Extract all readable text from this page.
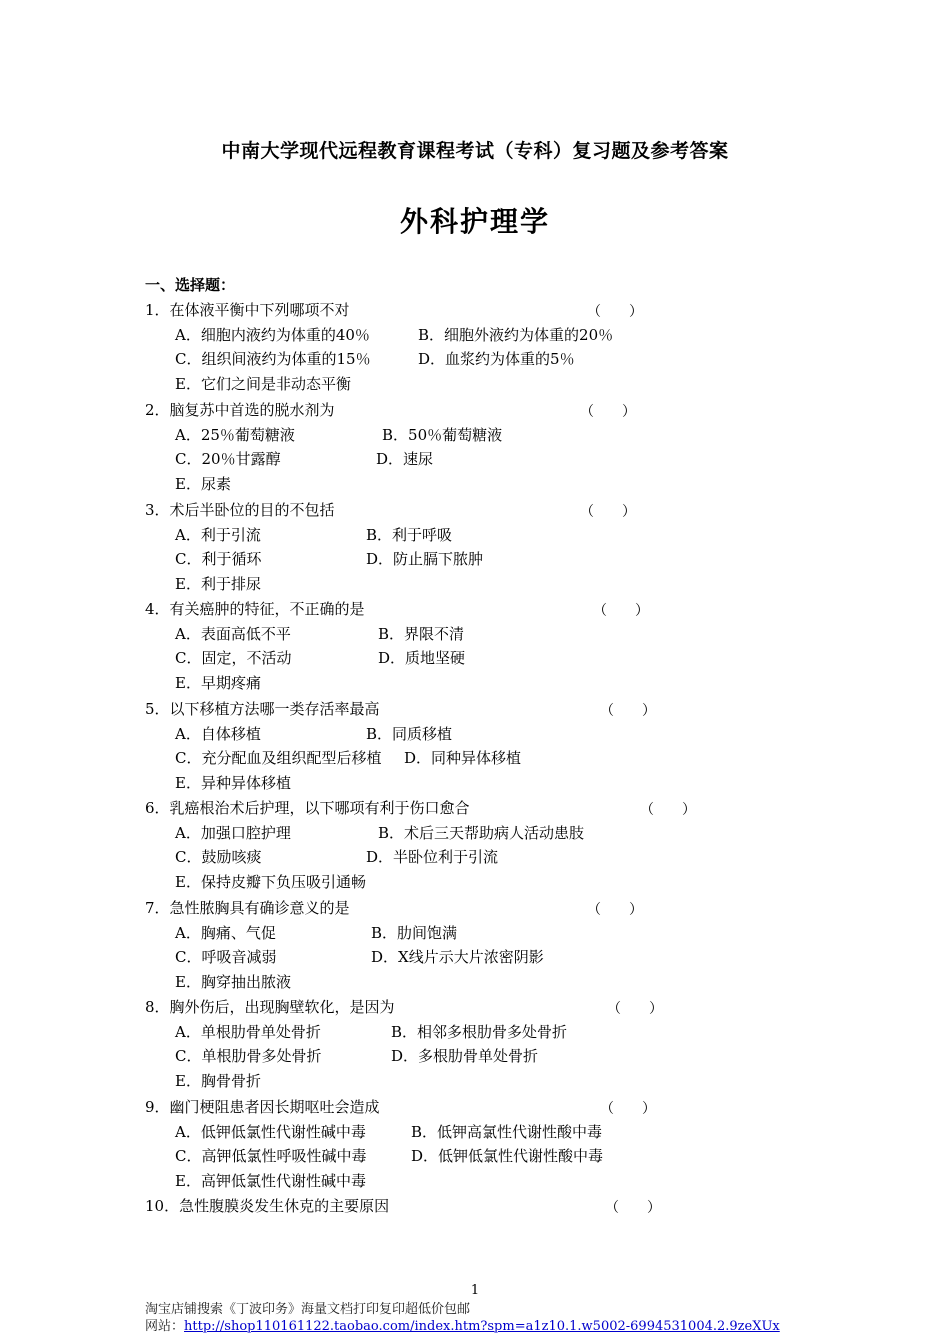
中南大学现代远程教育课程考试（专科）复习题及参考答案
外科护理学
一、选择题：
1．在体液平衡中下列哪项不对	（　　）
A．细胞内液约为体重的40％	B．细胞外液约为体重的20％
C．组织间液约为体重的15％	D．血浆约为体重的5％
E．它们之间是非动态平衡
2．脑复苏中首选的脱水剂为	（　　）
A．25％葡萄糖液	B．50％葡萄糖液
C．20％甘露醇	D．速尿
E．尿素
3．术后半卧位的目的不包括	（　　）
A．利于引流	B．利于呼吸
C．利于循环	D．防止膈下脓肿
E．利于排尿
4．有关癌肿的特征，不正确的是	（　　）
A．表面高低不平	B．界限不清
C．固定，不活动	D．质地坚硬
E．早期疼痛
5．以下移植方法哪一类存活率最高	（　　）
A．自体移植	B．同质移植
C．充分配血及组织配型后移植 D．同种异体移植
E．异种异体移植
6．乳癌根治术后护理，以下哪项有利于伤口愈合	（　　）
A．加强口腔护理	B．术后三天帮助病人活动患肢
C．鼓励咳痰	D．半卧位利于引流
E．保持皮瓣下负压吸引通畅
7．急性脓胸具有确诊意义的是	（　　）
A．胸痛、气促	B．肋间饱满
C．呼吸音减弱	D．X线片示大片浓密阴影
E．胸穿抽出脓液
8．胸外伤后，出现胸壁软化，是因为	（　　）
A．单根肋骨单处骨折	B．相邻多根肋骨多处骨折
C．单根肋骨多处骨折	D．多根肋骨单处骨折
E．胸骨骨折
9．幽门梗阻患者因长期呕吐会造成	（　　）
A．低钾低氯性代谢性碱中毒	B．低钾高氯性代谢性酸中毒
C．高钾低氯性呼吸性碱中毒	D．低钾低氯性代谢性酸中毒
E．高钾低氯性代谢性碱中毒
10．急性腹膜炎发生休克的主要原因	（　　）
1
淘宝店铺搜索《丁波印务》海量文档打印复印超低价包邮
网站：http://shop110161122.taobao.com/index.htm?spm=a1z10.1.w5002-6994531004.2.9zeXUx
